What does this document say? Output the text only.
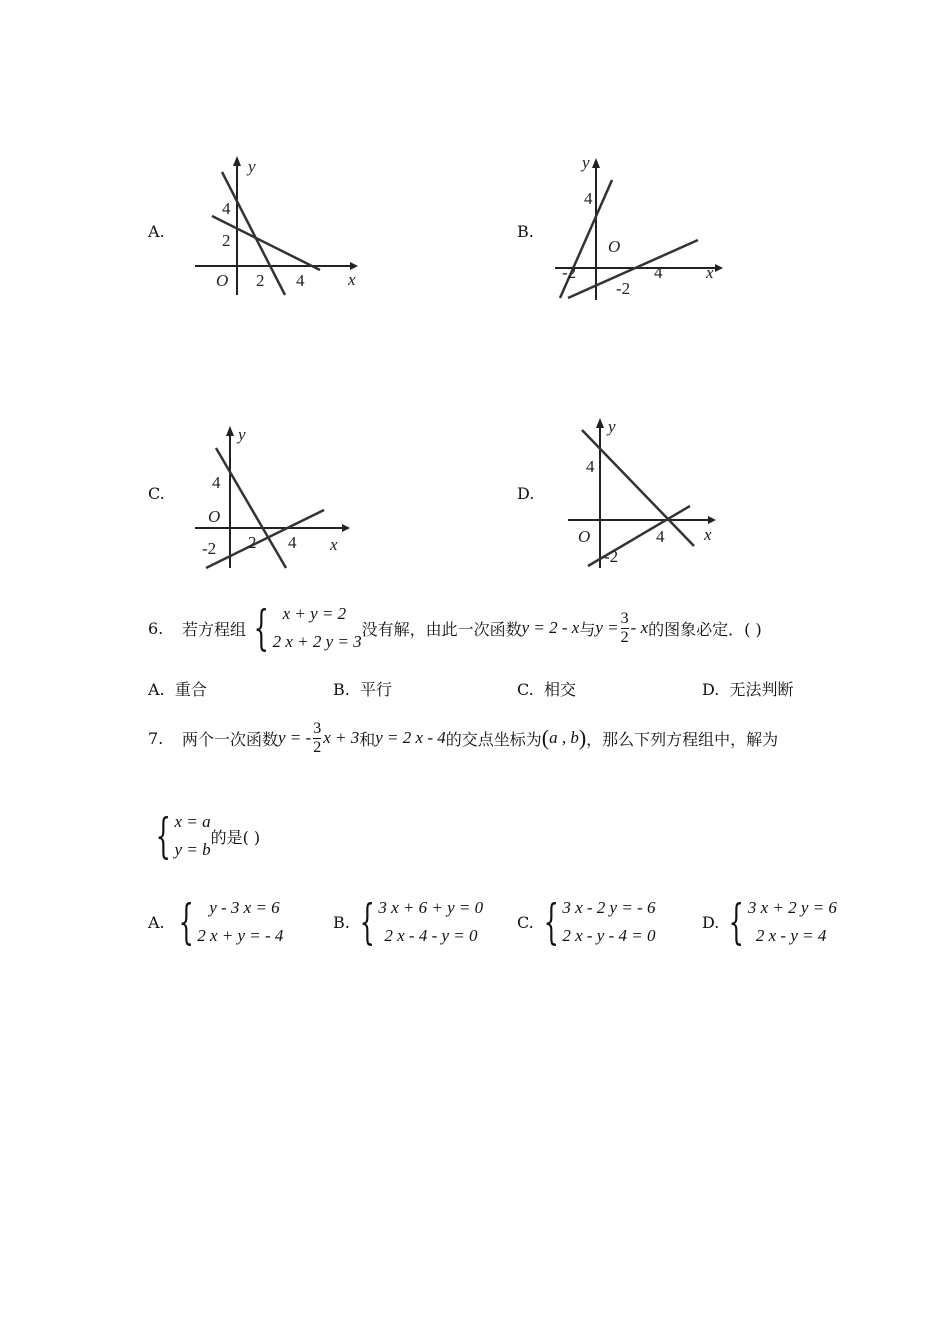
A.
y
x
O
4
2
2 4
B.
y
x
O
4
-2
-2
4
C.
y
x
O
4
-2 2 4
D.
y
x
O
4
-2
4
6.	若方程组 { x + y = 2
2 x + 2 y = 3
没有解，由此一次函数 y = 2 - x 与 $y = \frac{3}{2} - x$ 的图象必定．( )
A. 重合	B. 平行	C. 相交	D. 无法判断
7.	两个一次函数 y = - $\frac{3}{2}$ x + 3 和 y = 2 x - 4 的交点坐标为 ( a , b ) ，那么下列方程组中，解为
{ x = a
y = b
的是( )
A. { y - 3 x = 6
2 x + y = - 4
B. { 3 x + 6 + y = 0
2 x - 4 - y = 0
C. { 3 x - 2 y = - 6
2 x - y - 4 = 0
D. { 3 x + 2 y = 6
2 x - y = 4
